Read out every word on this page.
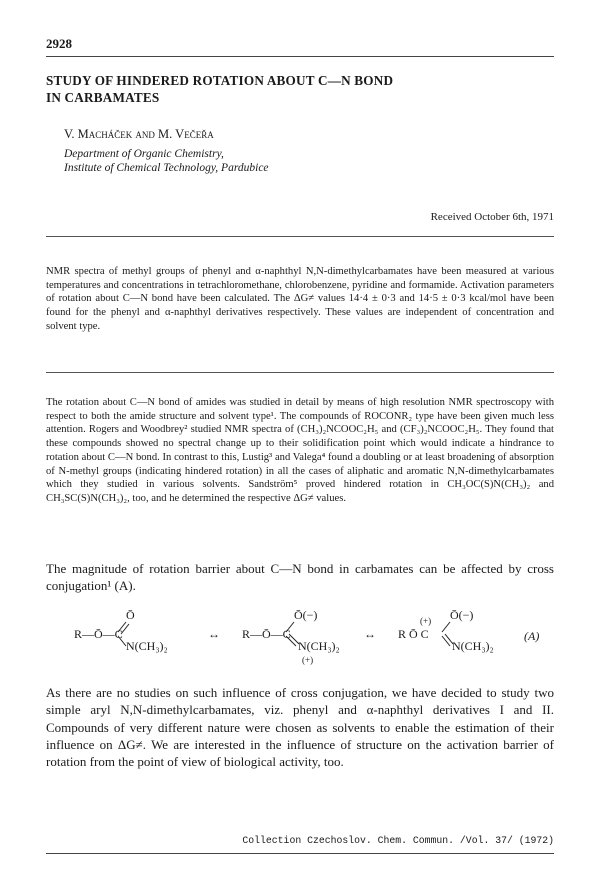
2928
STUDY OF HINDERED ROTATION ABOUT C—N BOND
IN CARBAMATES
V. Macháček and M. Večeřa
Department of Organic Chemistry,
Institute of Chemical Technology, Pardubice
Received October 6th, 1971

NMR spectra of methyl groups of phenyl and α-naphthyl N,N-dimethylcarbamates have been measured at various temperatures and concentrations in tetrachloromethane, chlorobenzene, pyridine and formamide. Activation parameters of rotation about C—N bond have been calculated. The ΔG≠ values 14·4 ± 0·3 and 14·5 ± 0·3 kcal/mol have been found for the phenyl and α-naphthyl derivatives respectively. These values are independent of concentration and solvent type.

The rotation about C—N bond of amides was studied in detail by means of high resolution NMR spectroscopy with respect to both the amide structure and solvent type¹. The compounds of ROCONR₂ type have been given much less attention. Rogers and Woodbrey² studied NMR spectra of (CH₃)₂NCOOC₂H₅ and (CF₃)₂NCOOC₂H₅. They found that these compounds showed no spectral change up to their solidification point which would indicate a hindrance to rotation about C—N bond. In contrast to this, Lustig³ and Valega⁴ found a doubling or at least broadening of absorption of N-methyl groups (indicating hindered rotation) in all the cases of aliphatic and aromatic N,N-dimethylcarbamates which they studied in various solvents. Sandström⁵ proved hindered rotation in CH₃OC(S)N(CH₃)₂ and CH₃SC(S)N(CH₃)₂, too, and he determined the respective ΔG≠ values.

The magnitude of rotation barrier about C—N bond in carbamates can be affected by cross conjugation¹ (A).

R—Ō—C
Ō
N(CH₃)₂
↔ R—Ō—C
Ō(−)
N(CH₃)₂
(+)
↔
(+)
R Ō C
Ō(−)
N(CH₃)₂
(A)

As there are no studies on such influence of cross conjugation, we have decided to study two simple aryl N,N-dimethylcarbamates, viz. phenyl and α-naphthyl derivatives I and II. Compounds of very different nature were chosen as solvents to enable the estimation of their influence on ΔG≠. We are interested in the influence of structure on the activation barrier of rotation from the point of view of biological activity, too.

Collection Czechoslov. Chem. Commun. /Vol. 37/ (1972)
